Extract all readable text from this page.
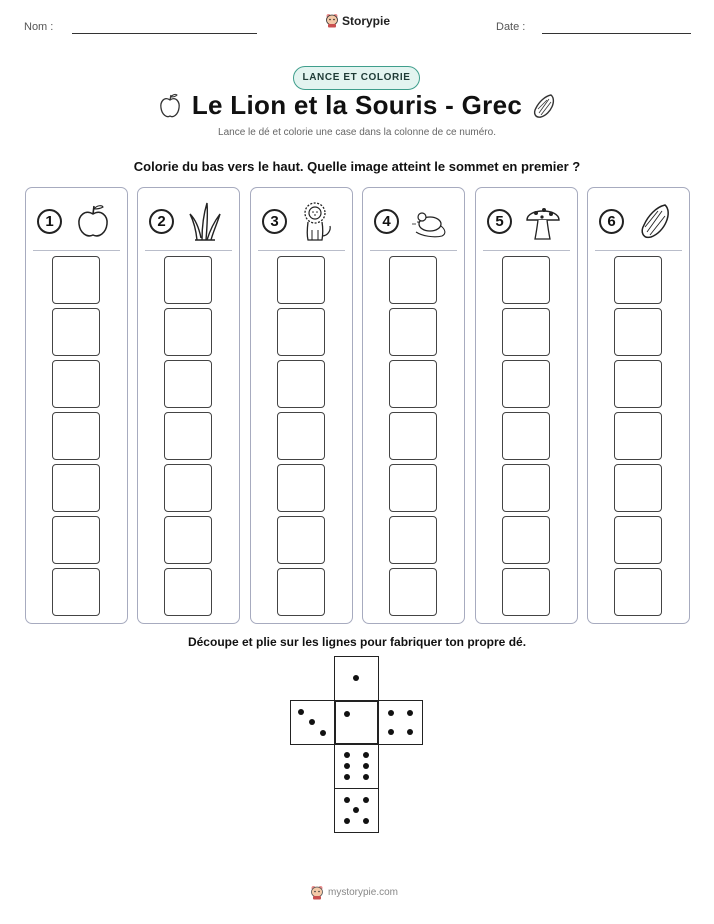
Nom :	Storypie	Date :
LANCE ET COLORIE
Le Lion et la Souris - Grec
Lance le dé et colorie une case dans la colonne de ce numéro.
Colorie du bas vers le haut. Quelle image atteint le sommet en premier ?
1	2	3	4	5	6
Découpe et plie sur les lignes pour fabriquer ton propre dé.
mystorypie.com
